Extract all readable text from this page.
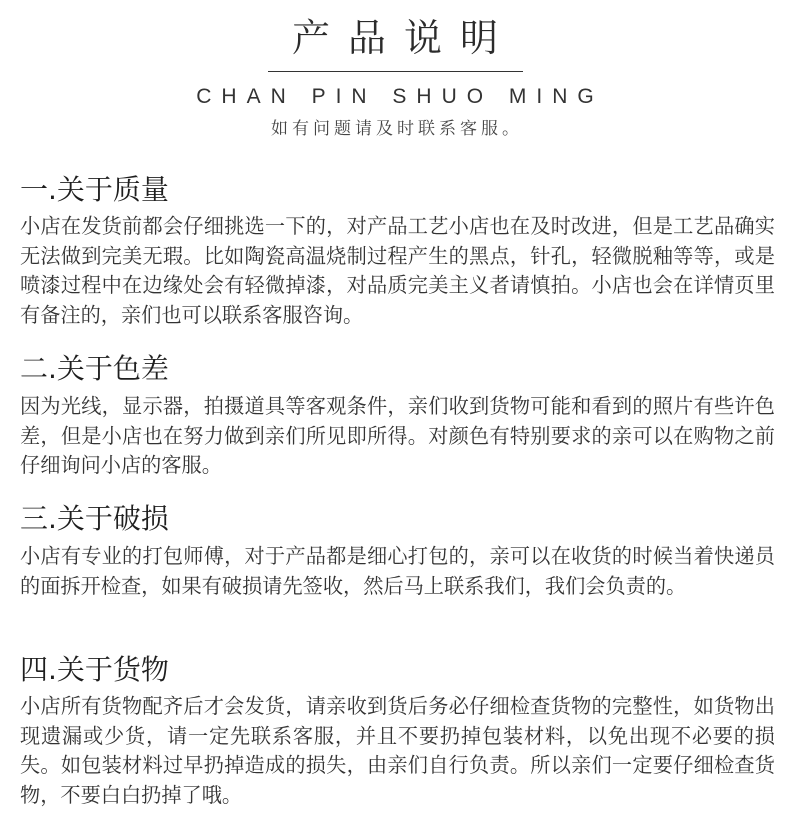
产品说明
CHAN PIN SHUO MING
如有问题请及时联系客服。
一.关于质量

小店在发货前都会仔细挑选一下的，对产品工艺小店也在及时改进，但是工艺品确实无法做到完美无瑕。比如陶瓷高温烧制过程产生的黑点，针孔，轻微脱釉等等，或是喷漆过程中在边缘处会有轻微掉漆，对品质完美主义者请慎拍。小店也会在详情页里有备注的，亲们也可以联系客服咨询。

二.关于色差

因为光线，显示器，拍摄道具等客观条件，亲们收到货物可能和看到的照片有些许色差，但是小店也在努力做到亲们所见即所得。对颜色有特别要求的亲可以在购物之前仔细询问小店的客服。

三.关于破损

小店有专业的打包师傅，对于产品都是细心打包的，亲可以在收货的时候当着快递员的面拆开检查，如果有破损请先签收，然后马上联系我们，我们会负责的。

四.关于货物

小店所有货物配齐后才会发货，请亲收到货后务必仔细检查货物的完整性，如货物出现遗漏或少货，请一定先联系客服，并且不要扔掉包装材料，以免出现不必要的损失。如包装材料过早扔掉造成的损失，由亲们自行负责。所以亲们一定要仔细检查货物，不要白白扔掉了哦。
